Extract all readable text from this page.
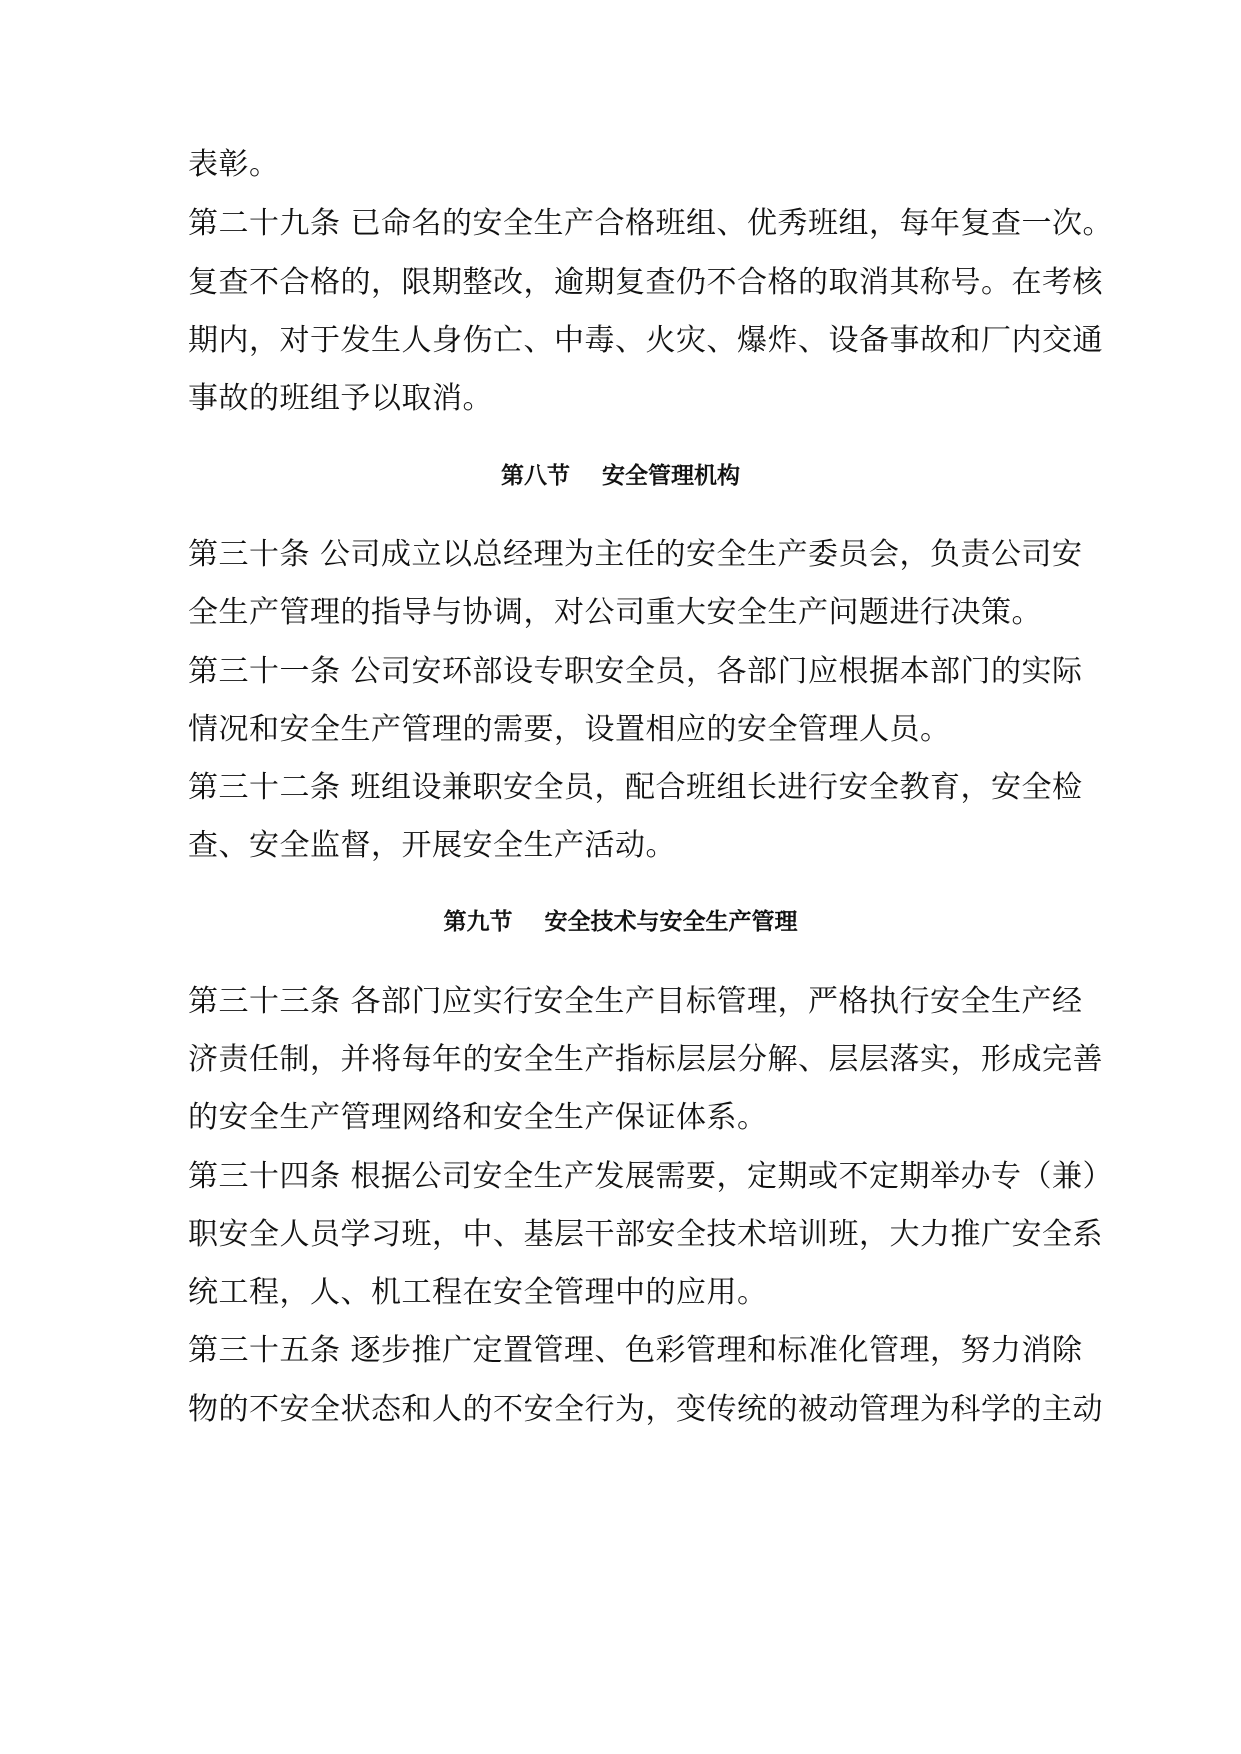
表彰。
第二十九条 已命名的安全生产合格班组、优秀班组，每年复查一次。
复查不合格的，限期整改，逾期复查仍不合格的取消其称号。在考核
期内，对于发生人身伤亡、中毒、火灾、爆炸、设备事故和厂内交通
事故的班组予以取消。
第八节    安全管理机构
第三十条 公司成立以总经理为主任的安全生产委员会，负责公司安
全生产管理的指导与协调，对公司重大安全生产问题进行决策。
第三十一条 公司安环部设专职安全员，各部门应根据本部门的实际
情况和安全生产管理的需要，设置相应的安全管理人员。
第三十二条 班组设兼职安全员，配合班组长进行安全教育，安全检
查、安全监督，开展安全生产活动。
第九节    安全技术与安全生产管理
第三十三条 各部门应实行安全生产目标管理，严格执行安全生产经
济责任制，并将每年的安全生产指标层层分解、层层落实，形成完善
的安全生产管理网络和安全生产保证体系。
第三十四条 根据公司安全生产发展需要，定期或不定期举办专（兼）
职安全人员学习班，中、基层干部安全技术培训班，大力推广安全系
统工程，人、机工程在安全管理中的应用。
第三十五条 逐步推广定置管理、色彩管理和标准化管理，努力消除
物的不安全状态和人的不安全行为，变传统的被动管理为科学的主动
